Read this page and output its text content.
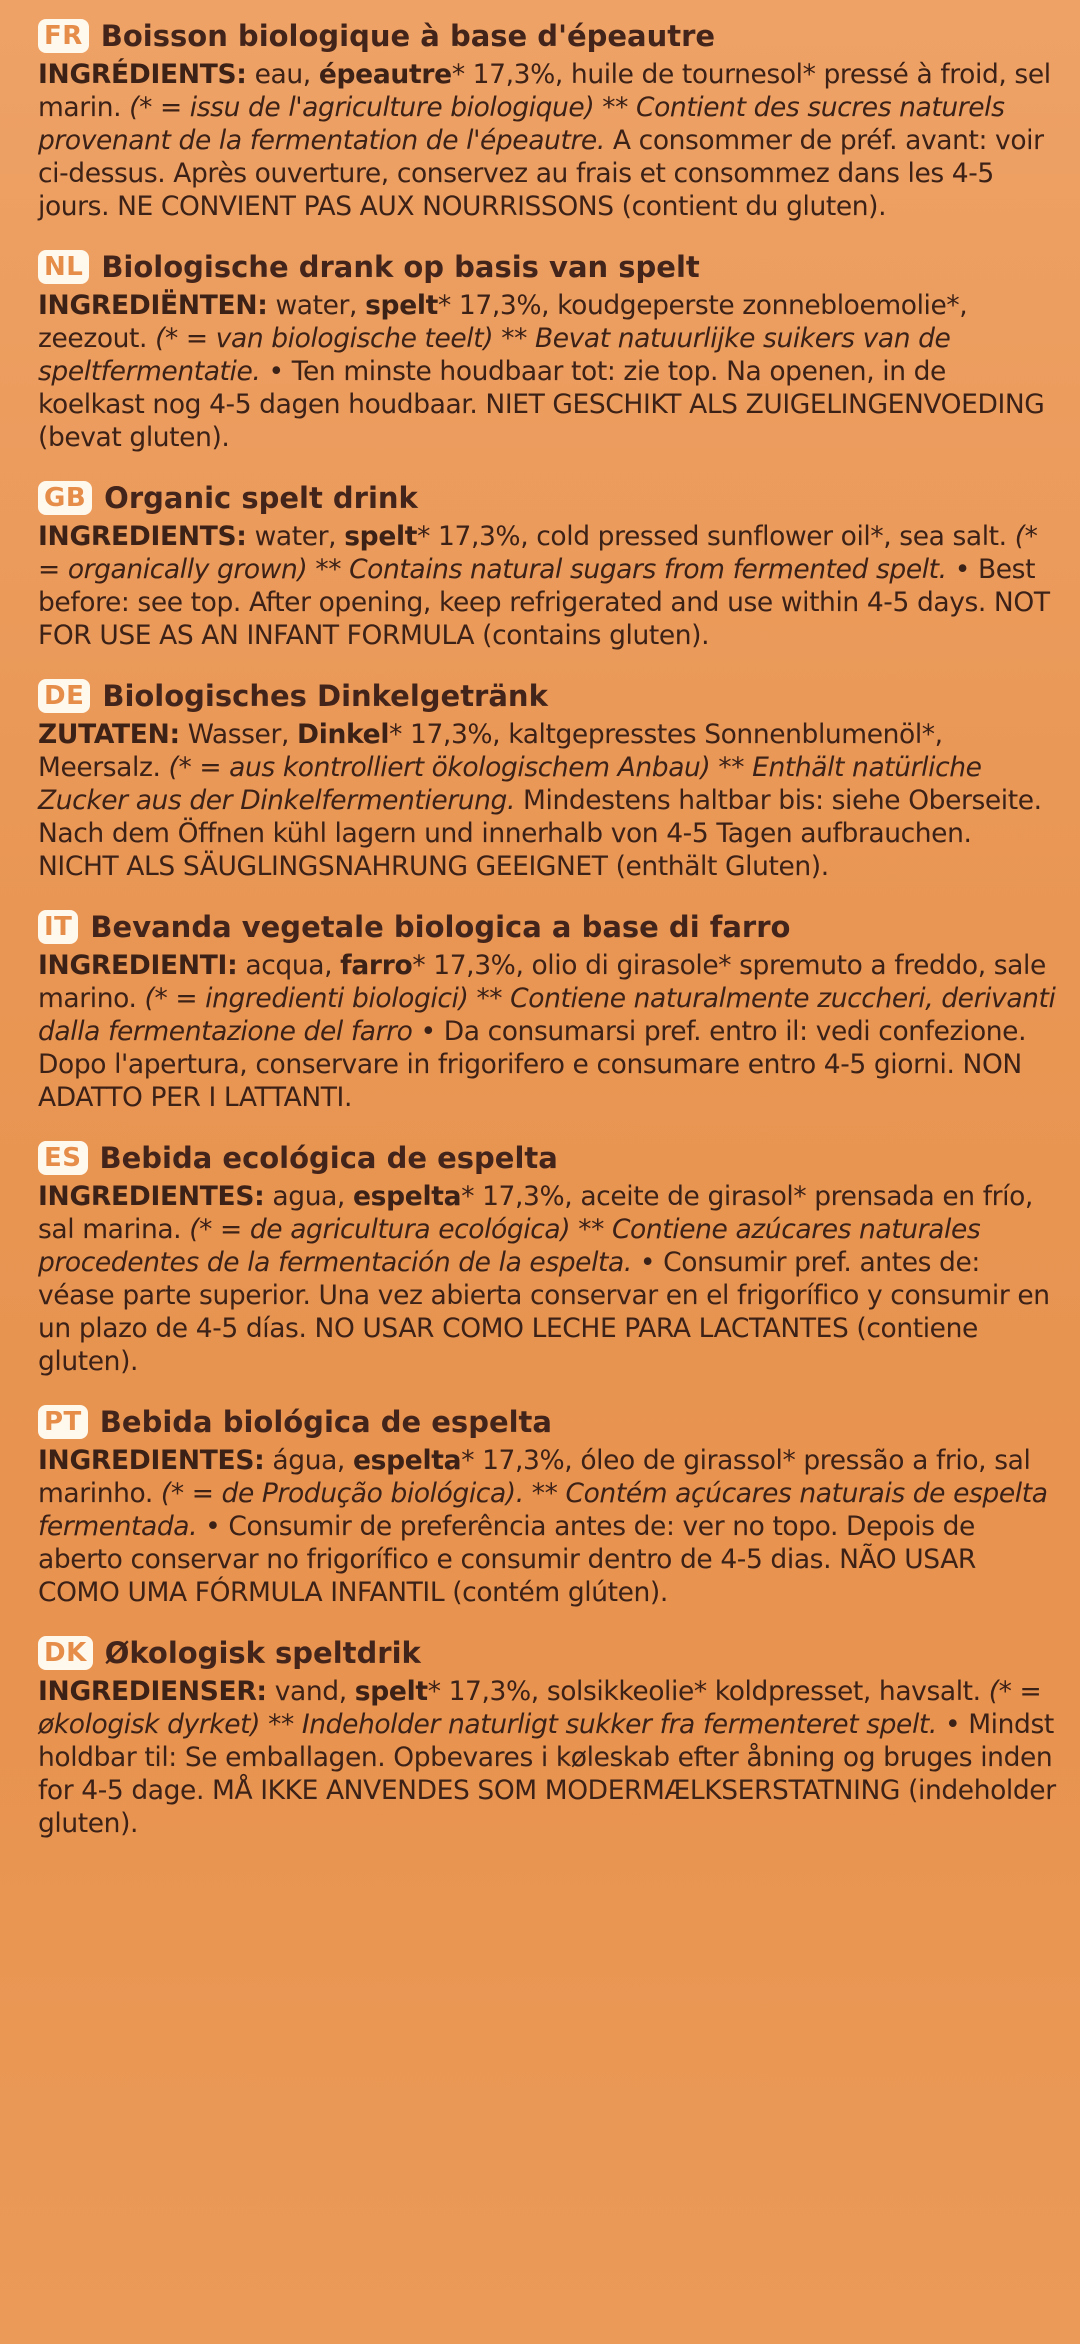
FR Boisson biologique à base d'épeautre
INGRÉDIENTS: eau, épeautre* 17,3%, huile de tournesol* pressé à froid, sel marin. (* = issu de l'agriculture biologique) ** Contient des sucres naturels provenant de la fermentation de l'épeautre. A consommer de préf. avant: voir ci-dessus. Après ouverture, conservez au frais et consommez dans les 4-5 jours. NE CONVIENT PAS AUX NOURRISSONS (contient du gluten).
NL Biologische drank op basis van spelt
INGREDIËNTEN: water, spelt* 17,3%, koudgeperste zonnebloemolie*, zeezout. (* = van biologische teelt) ** Bevat natuurlijke suikers van de speltfermentatie. • Ten minste houdbaar tot: zie top. Na openen, in de koelkast nog 4-5 dagen houdbaar. NIET GESCHIKT ALS ZUIGELINGENVOEDING (bevat gluten).
GB Organic spelt drink
INGREDIENTS: water, spelt* 17,3%, cold pressed sunflower oil*, sea salt. (* = organically grown) ** Contains natural sugars from fermented spelt. • Best before: see top. After opening, keep refrigerated and use within 4-5 days. NOT FOR USE AS AN INFANT FORMULA (contains gluten).
DE Biologisches Dinkelgetränk
ZUTATEN: Wasser, Dinkel* 17,3%, kaltgepresstes Sonnenblumenöl*, Meersalz. (* = aus kontrolliert ökologischem Anbau) ** Enthält natürliche Zucker aus der Dinkelfermentierung. Mindestens haltbar bis: siehe Oberseite. Nach dem Öffnen kühl lagern und innerhalb von 4-5 Tagen aufbrauchen. NICHT ALS SÄUGLINGSNAHRUNG GEEIGNET (enthält Gluten).
IT Bevanda vegetale biologica a base di farro
INGREDIENTI: acqua, farro* 17,3%, olio di girasole* spremuto a freddo, sale marino. (* = ingredienti biologici) ** Contiene naturalmente zuccheri, derivanti dalla fermentazione del farro • Da consumarsi pref. entro il: vedi confezione. Dopo l'apertura, conservare in frigorifero e consumare entro 4-5 giorni. NON ADATTO PER I LATTANTI.
ES Bebida ecológica de espelta
INGREDIENTES: agua, espelta* 17,3%, aceite de girasol* prensada en frío, sal marina. (* = de agricultura ecológica) ** Contiene azúcares naturales procedentes de la fermentación de la espelta. • Consumir pref. antes de: véase parte superior. Una vez abierta conservar en el frigorífico y consumir en un plazo de 4-5 días. NO USAR COMO LECHE PARA LACTANTES (contiene gluten).
PT Bebida biológica de espelta
INGREDIENTES: água, espelta* 17,3%, óleo de girassol* pressão a frio, sal marinho. (* = de Produção biológica). ** Contém açúcares naturais de espelta fermentada. • Consumir de preferência antes de: ver no topo. Depois de aberto conservar no frigorífico e consumir dentro de 4-5 dias. NÃO USAR COMO UMA FÓRMULA INFANTIL (contém glúten).
DK Økologisk speltdrik
INGREDIENSER: vand, spelt* 17,3%, solsikkeolie* koldpresset, havsalt. (* = økologisk dyrket) ** Indeholder naturligt sukker fra fermenteret spelt. • Mindst holdbar til: Se emballagen. Opbevares i køleskab efter åbning og bruges inden for 4-5 dage. MÅ IKKE ANVENDES SOM MODERMÆLKSERSTATNING (indeholder gluten).
